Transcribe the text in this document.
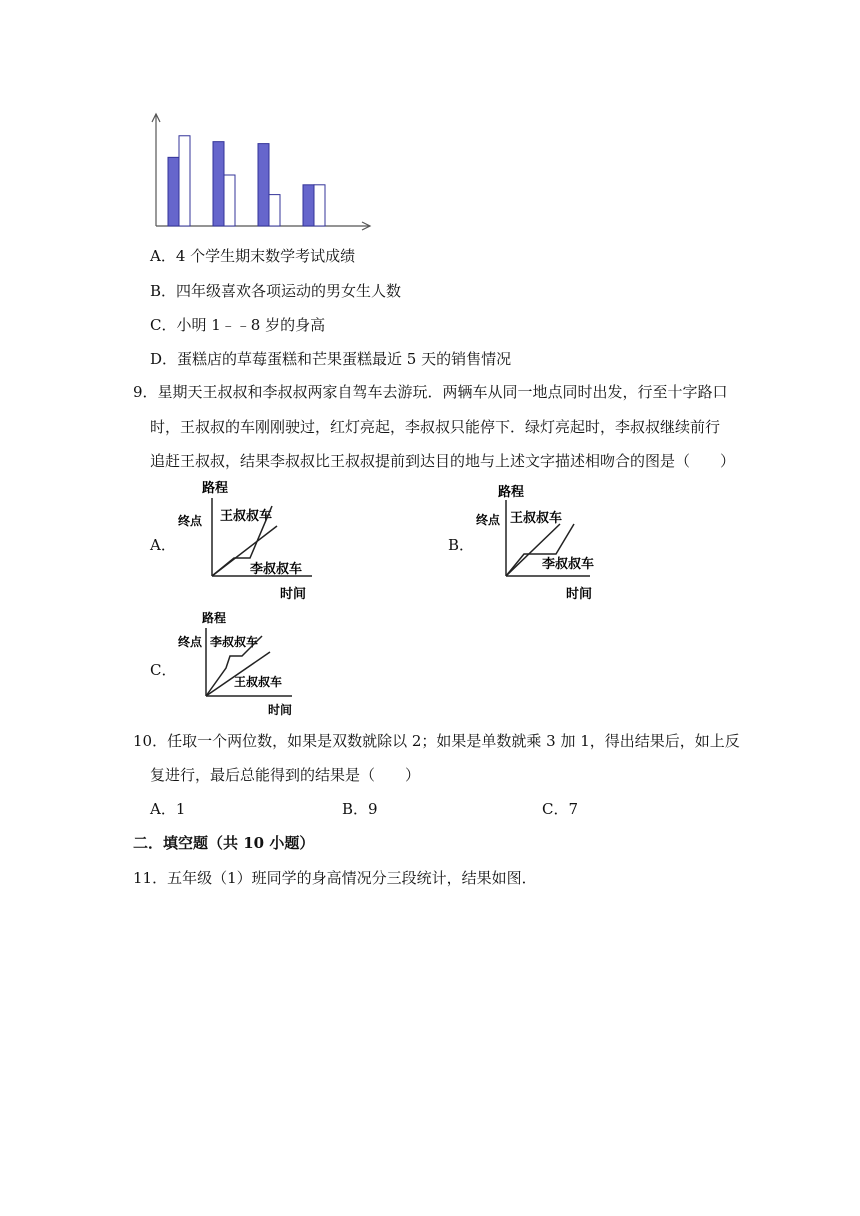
A．4 个学生期末数学考试成绩
B．四年级喜欢各项运动的男女生人数
C．小明 1﹣﹣8 岁的身高
D．蛋糕店的草莓蛋糕和芒果蛋糕最近 5 天的销售情况
9．星期天王叔叔和李叔叔两家自驾车去游玩．两辆车从同一地点同时出发，行至十字路口
时，王叔叔的车刚刚驶过，红灯亮起，李叔叔只能停下．绿灯亮起时，李叔叔继续前行
追赶王叔叔，结果李叔叔比王叔叔提前到达目的地与上述文字描述相吻合的图是（　　）
A．
路程
终点 王叔叔车
李叔叔车
时间
B．
路程
终点 王叔叔车
李叔叔车
时间
C．
路程
终点 李叔叔车
王叔叔车
时间
10．任取一个两位数，如果是双数就除以 2；如果是单数就乘 3 加 1，得出结果后，如上反
复进行，最后总能得到的结果是（　　）
A．1	B．9	C．7
二．填空题（共 10 小题）
11．五年级（1）班同学的身高情况分三段统计，结果如图．
